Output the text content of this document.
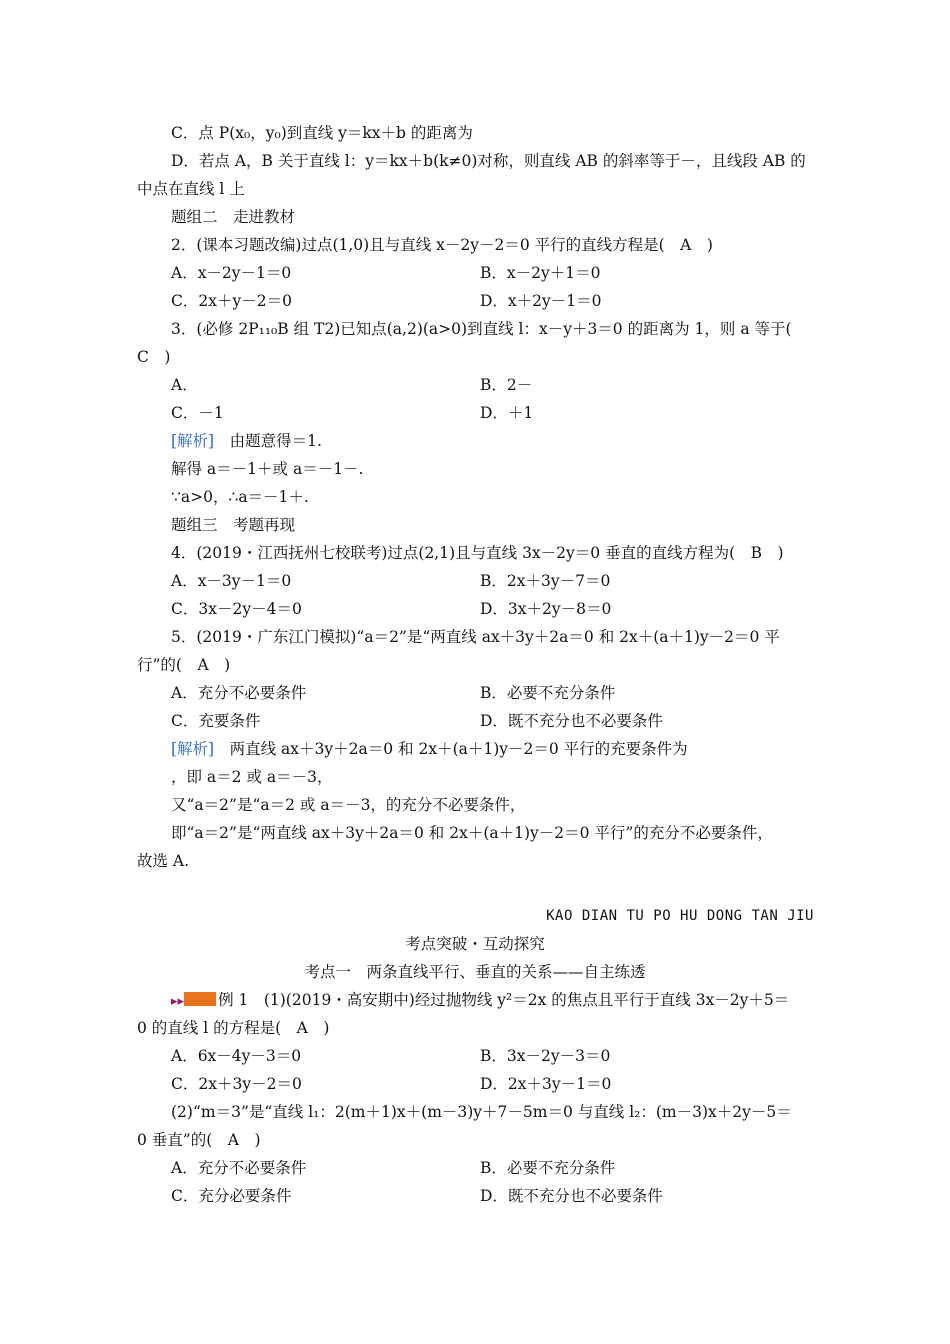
C．点 P(x₀，y₀)到直线 y＝kx＋b 的距离为
D．若点 A，B 关于直线 l：y＝kx＋b(k≠0)对称，则直线 AB 的斜率等于－，且线段 AB 的
中点在直线 l 上
题组二　走进教材
2．(课本习题改编)过点(1,0)且与直线 x－2y－2＝0 平行的直线方程是(　A　)
A．x－2y－1＝0	B．x－2y＋1＝0
C．2x＋y－2＝0	D．x＋2y－1＝0
3．(必修 2P₁₁₀B 组 T2)已知点(a,2)(a>0)到直线 l：x－y＋3＝0 的距离为 1，则 a 等于(
C　)
A．	B．2－
C．－1	D．＋1
[解析]　 由题意得＝1.
解得 a＝－1＋或 a＝－1－.
∵a>0，∴a＝－1＋.
题组三　考题再现
4．(2019・江西抚州七校联考)过点(2,1)且与直线 3x－2y＝0 垂直的直线方程为(　B　)
A．x－3y－1＝0	B．2x＋3y－7＝0
C．3x－2y－4＝0	D．3x＋2y－8＝0
5．(2019・广东江门模拟)“a＝2”是“两直线 ax＋3y＋2a＝0 和 2x＋(a＋1)y－2＝0 平
行”的(　A　)
A．充分不必要条件	B．必要不充分条件
C．充要条件	D．既不充分也不必要条件
[解析]　 两直线 ax＋3y＋2a＝0 和 2x＋(a＋1)y－2＝0 平行的充要条件为
，即 a＝2 或 a＝－3，
又“a＝2”是“a＝2 或 a＝－3，的充分不必要条件，
即“a＝2”是“两直线 ax＋3y＋2a＝0 和 2x＋(a＋1)y－2＝0 平行”的充分不必要条件，
故选 A.
KAO DIAN TU PO HU DONG TAN JIU
考点突破・互动探究
考点一　两条直线平行、垂直的关系——自主练透
▸▸ 例 1　(1)(2019・高安期中)经过抛物线 y²＝2x 的焦点且平行于直线 3x－2y＋5＝
0 的直线 l 的方程是(　A　)
A．6x－4y－3＝0	B．3x－2y－3＝0
C．2x＋3y－2＝0	D．2x＋3y－1＝0
(2)“m＝3”是“直线 l₁：2(m＋1)x＋(m－3)y＋7－5m＝0 与直线 l₂：(m－3)x＋2y－5＝
0 垂直”的(　A　)
A．充分不必要条件	B．必要不充分条件
C．充分必要条件	D．既不充分也不必要条件
